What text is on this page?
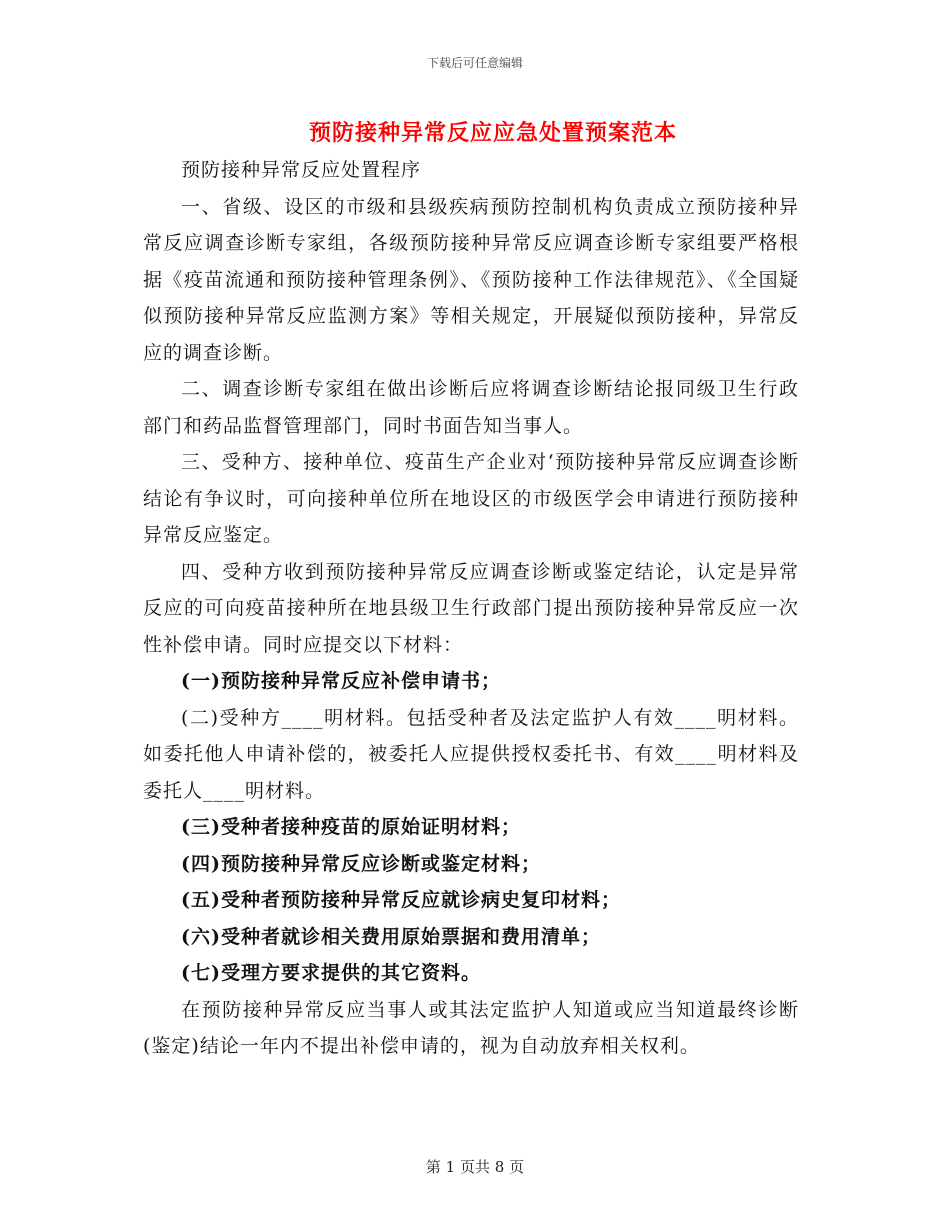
下载后可任意编辑
预防接种异常反应应急处置预案范本

预防接种异常反应处置程序

一、省级、设区的市级和县级疾病预防控制机构负责成立预防接种异常反应调查诊断专家组，各级预防接种异常反应调查诊断专家组要严格根据《疫苗流通和预防接种管理条例》、《预防接种工作法律规范》、《全国疑似预防接种异常反应监测方案》等相关规定，开展疑似预防接种，异常反应的调查诊断。

二、调查诊断专家组在做出诊断后应将调查诊断结论报同级卫生行政部门和药品监督管理部门，同时书面告知当事人。

三、受种方、接种单位、疫苗生产企业对‘预防接种异常反应调查诊断结论有争议时，可向接种单位所在地设区的市级医学会申请进行预防接种异常反应鉴定。

四、受种方收到预防接种异常反应调查诊断或鉴定结论，认定是异常反应的可向疫苗接种所在地县级卫生行政部门提出预防接种异常反应一次性补偿申请。同时应提交以下材料：

(一)预防接种异常反应补偿申请书；

(二)受种方____明材料。包括受种者及法定监护人有效____明材料。如委托他人申请补偿的，被委托人应提供授权委托书、有效____明材料及委托人____明材料。

(三)受种者接种疫苗的原始证明材料；

(四)预防接种异常反应诊断或鉴定材料；

(五)受种者预防接种异常反应就诊病史复印材料；

(六)受种者就诊相关费用原始票据和费用清单；

(七)受理方要求提供的其它资料。

在预防接种异常反应当事人或其法定监护人知道或应当知道最终诊断(鉴定)结论一年内不提出补偿申请的，视为自动放弃相关权利。

第 1 页共 8 页
